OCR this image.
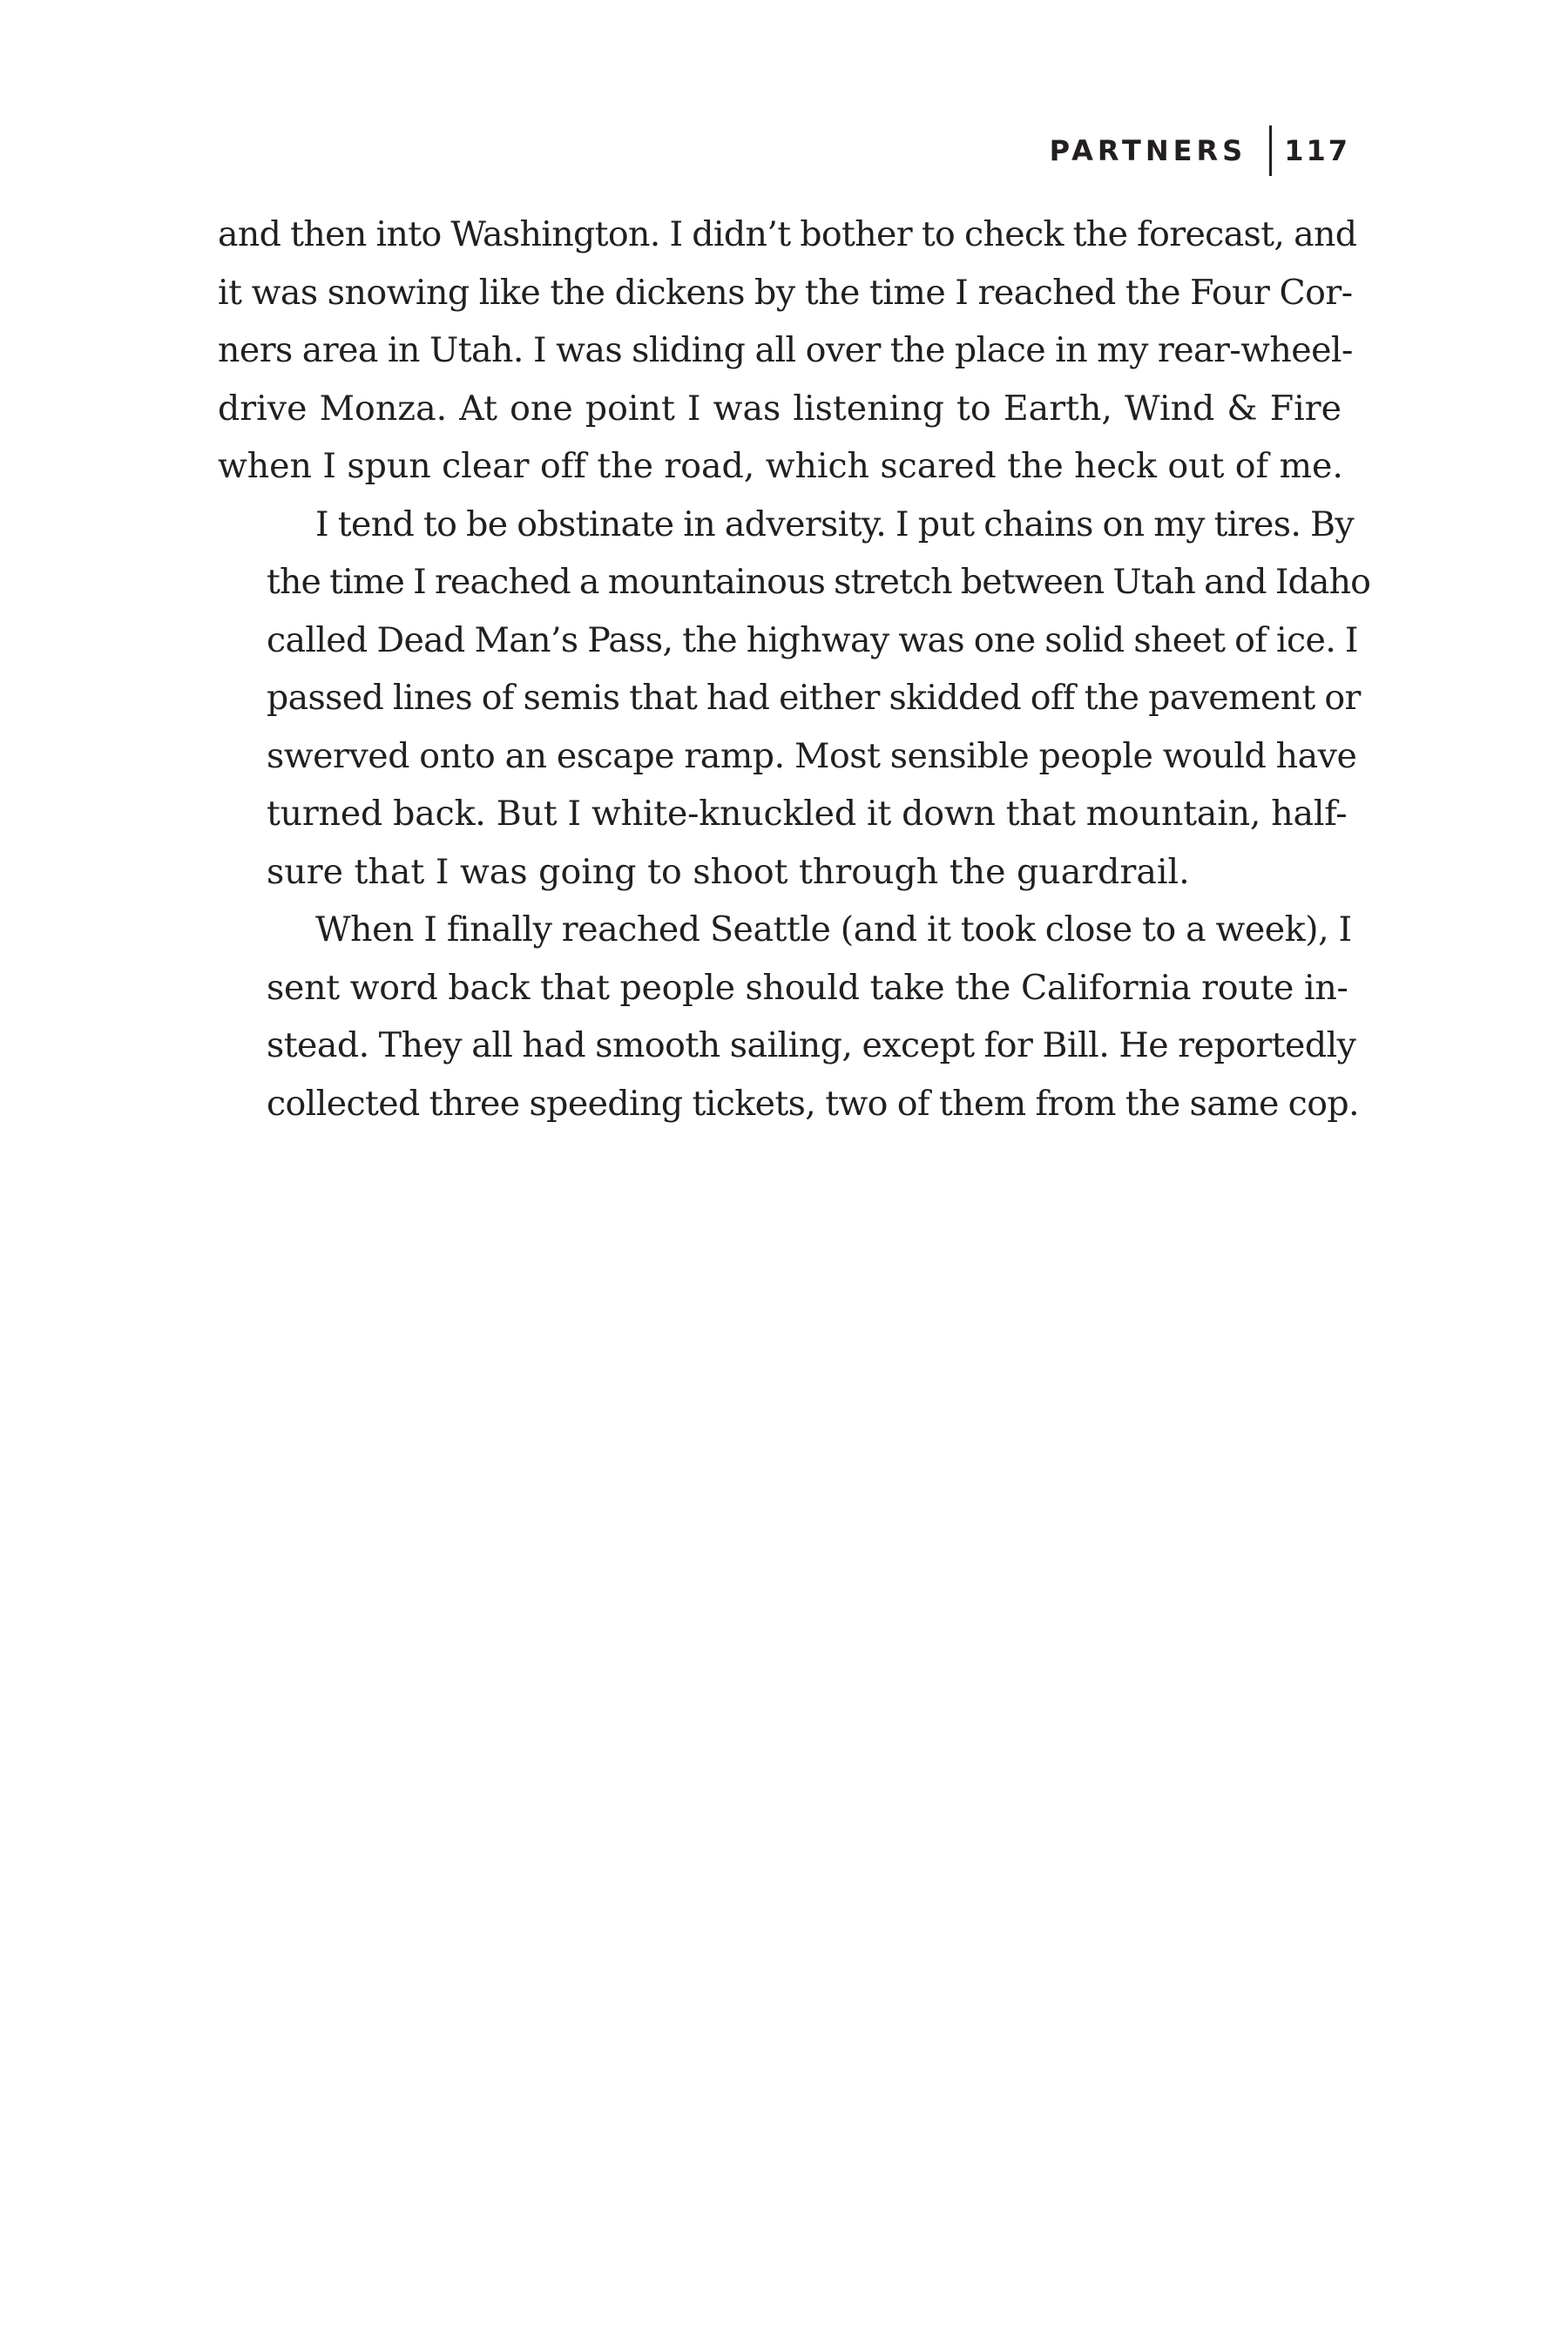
PARTNERS 117

and then into Washington. I didn’t bother to check the forecast, and
it was snowing like the dickens by the time I reached the Four Cor-
ners area in Utah. I was sliding all over the place in my rear-wheel-
drive Monza. At one point I was listening to Earth, Wind & Fire
when I spun clear off the road, which scared the heck out of me.

I tend to be obstinate in adversity. I put chains on my tires. By
the time I reached a mountainous stretch between Utah and Idaho
called Dead Man’s Pass, the highway was one solid sheet of ice. I
passed lines of semis that had either skidded off the pavement or
swerved onto an escape ramp. Most sensible people would have
turned back. But I white-knuckled it down that mountain, half-
sure that I was going to shoot through the guardrail.

When I finally reached Seattle (and it took close to a week), I
sent word back that people should take the California route in-
stead. They all had smooth sailing, except for Bill. He reportedly
collected three speeding tickets, two of them from the same cop.
